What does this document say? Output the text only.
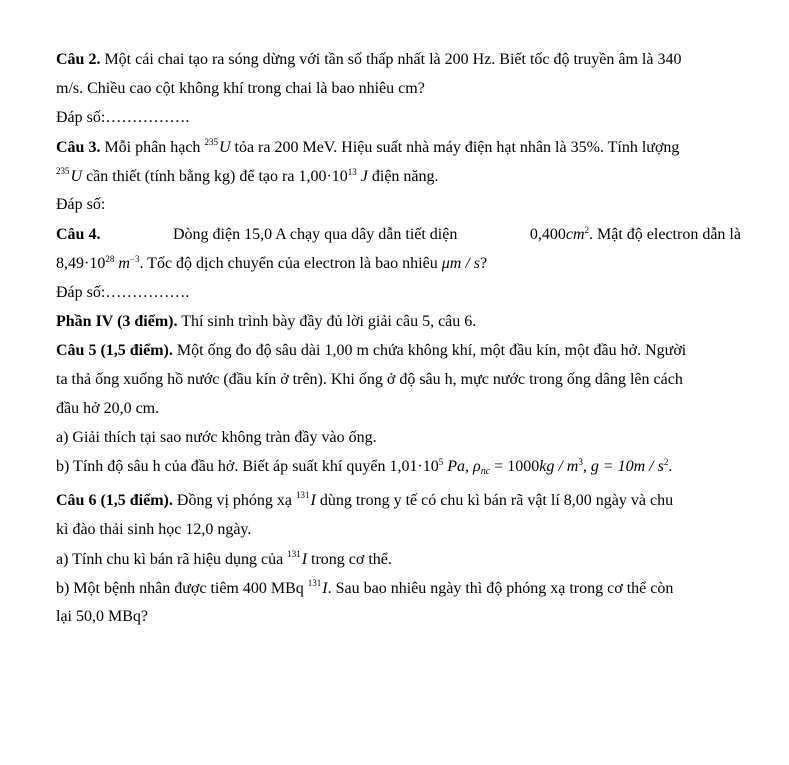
Câu 2. Một cái chai tạo ra sóng dừng với tần số thấp nhất là 200 Hz. Biết tốc độ truyền âm là 340
m/s. Chiều cao cột không khí trong chai là bao nhiêu cm?
Đáp số:…………….
Câu 3. Mỗi phân hạch $^{235}$U tỏa ra 200 MeV. Hiệu suất nhà máy điện hạt nhân là 35%. Tính lượng
$^{235}$U cần thiết (tính bằng kg) để tạo ra $1,00\cdot 10^{13}$ J điện năng.
Đáp số:
Câu 4.	Dòng điện 15,0 A chạy qua dây dẫn tiết diện	$0,400cm^2$. Mật độ electron dẫn là
$8,49\cdot 10^{28}$ $m^{-3}$. Tốc độ dịch chuyển của electron là bao nhiêu μm / s?
Đáp số:…………….
Phần IV (3 điểm). Thí sinh trình bày đầy đủ lời giải câu 5, câu 6.
Câu 5 (1,5 điểm). Một ống đo độ sâu dài 1,00 m chứa không khí, một đầu kín, một đầu hở. Người
ta thả ống xuống hồ nước (đầu kín ở trên). Khi ống ở độ sâu h, mực nước trong ống dâng lên cách
đầu hở 20,0 cm.
a) Giải thích tại sao nước không tràn đầy vào ống.
b) Tính độ sâu h của đầu hở. Biết áp suất khí quyển $1,01\cdot 10^5$ Pa, $\rho_{nc} = 1000kg / m^3$, $g = 10m / s^2$.
Câu 6 (1,5 điểm). Đồng vị phóng xạ $^{131}$I dùng trong y tế có chu kì bán rã vật lí 8,00 ngày và chu
kì đào thải sinh học 12,0 ngày.
a) Tính chu kì bán rã hiệu dụng của $^{131}$I trong cơ thể.
b) Một bệnh nhân được tiêm 400 MBq $^{131}$I. Sau bao nhiêu ngày thì độ phóng xạ trong cơ thể còn
lại 50,0 MBq?
